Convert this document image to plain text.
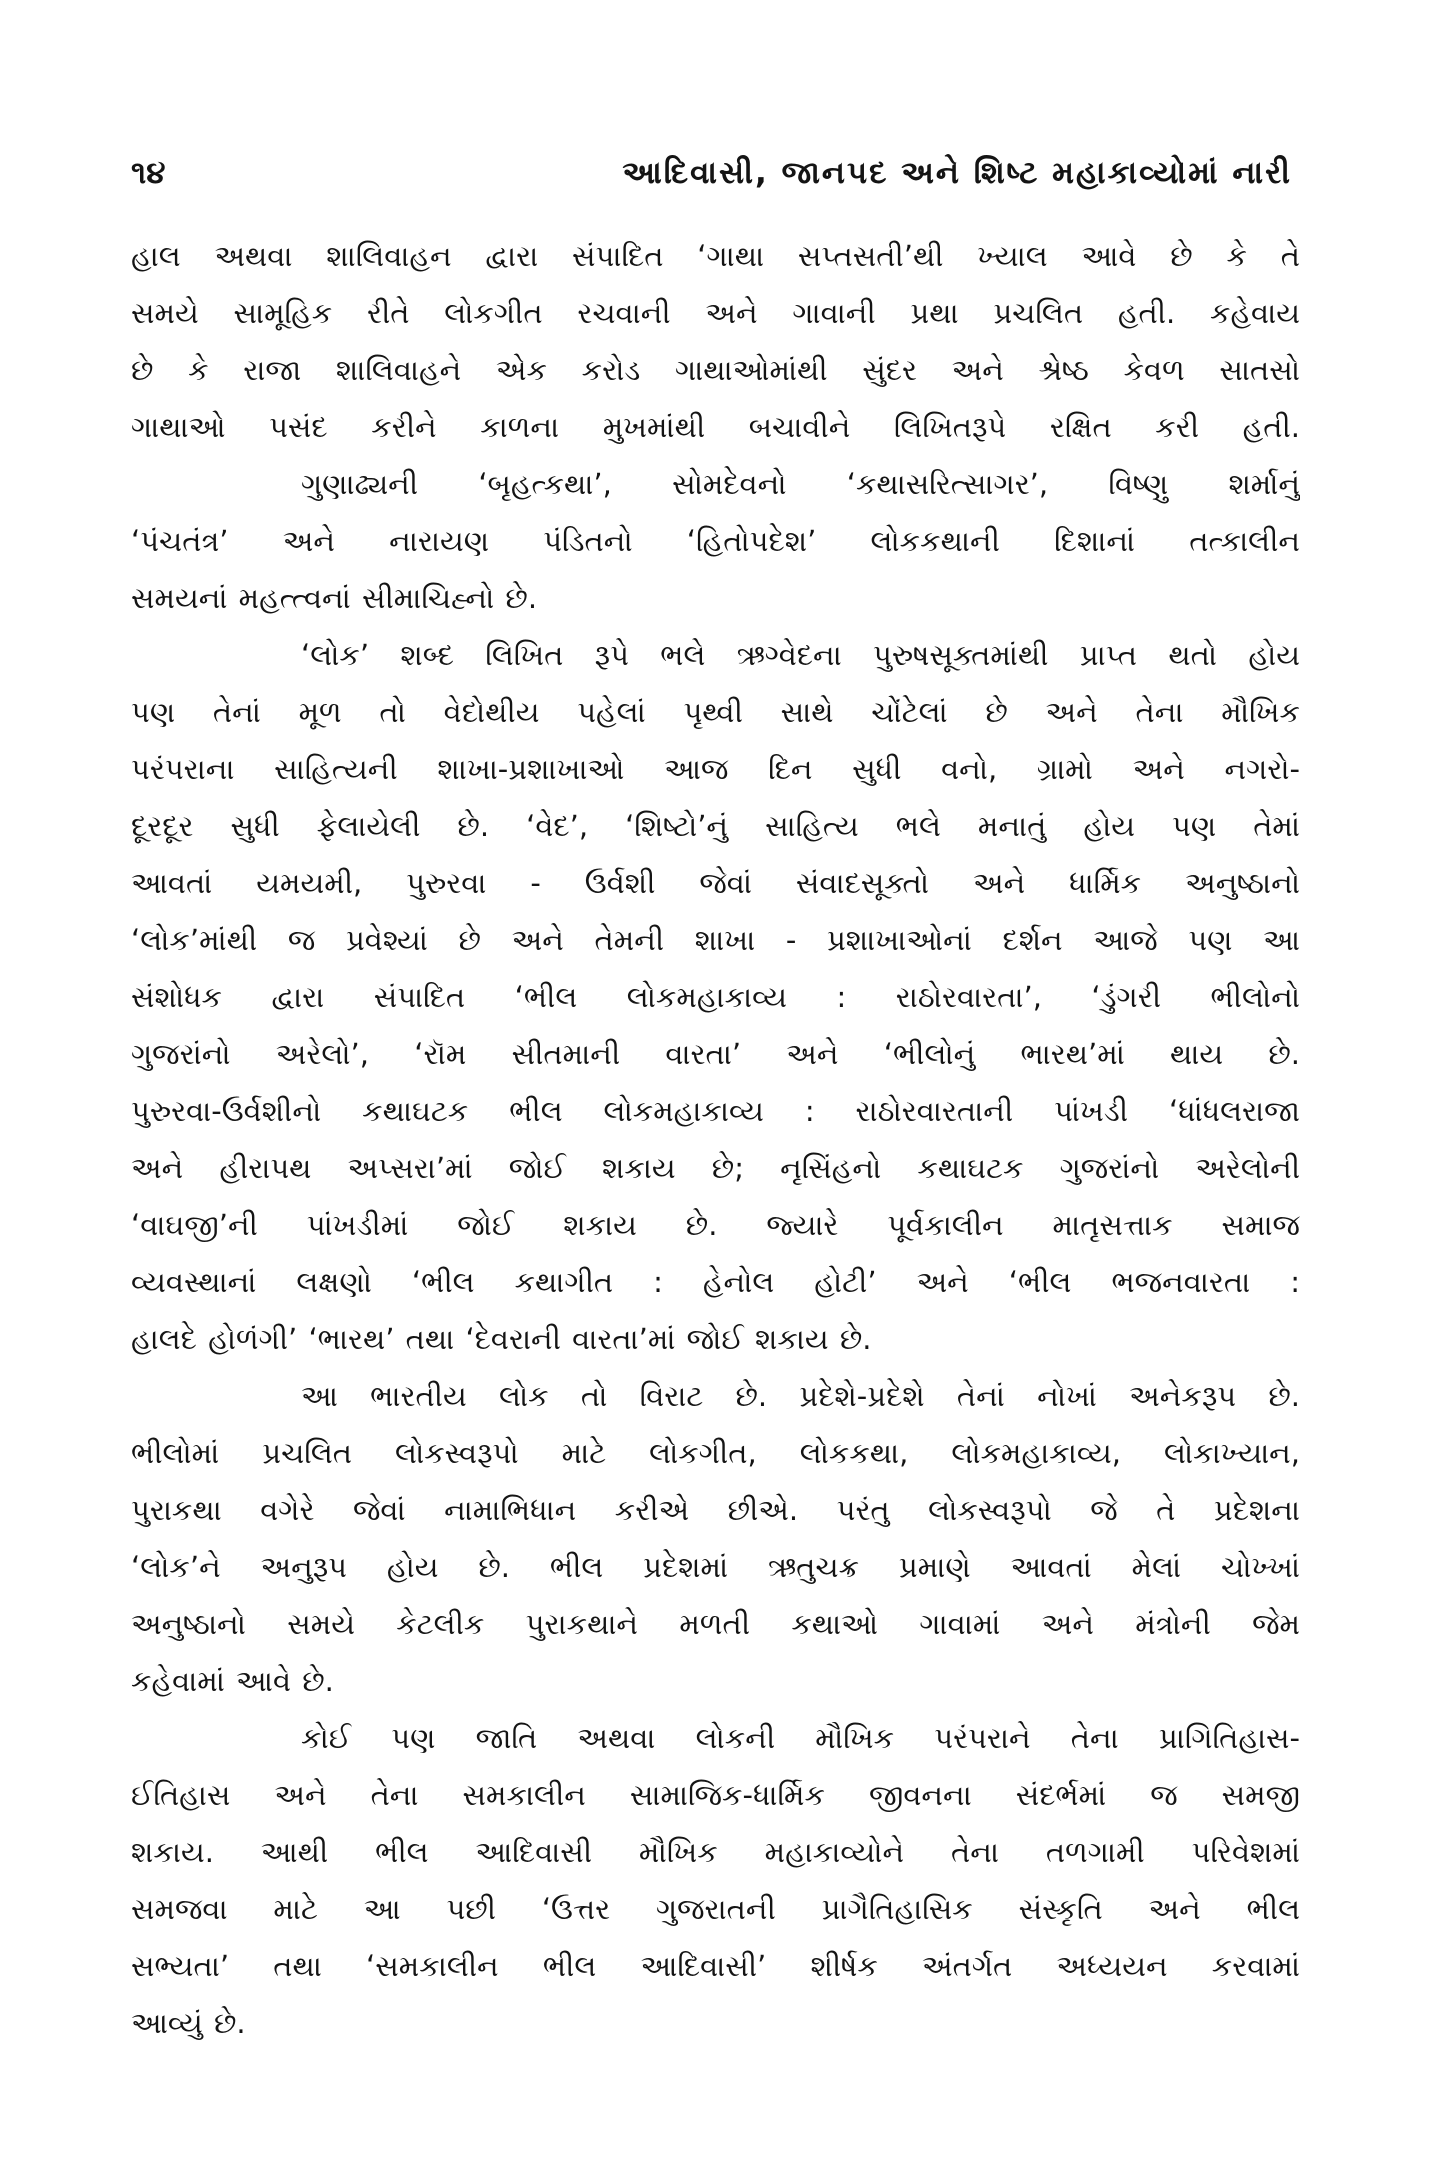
૧૪	આદિવાસી, જાનપદ અને શિષ્ટ મહાકાવ્યોમાં નારી
હાલ અથવા શાલિવાહન દ્વારા સંપાદિત ‘ગાથા સપ્તસતી’થી ખ્યાલ આવે છે કે તે
સમયે સામૂહિક રીતે લોકગીત રચવાની અને ગાવાની પ્રથા પ્રચલિત હતી. કહેવાય
છે કે રાજા શાલિવાહને એક કરોડ ગાથાઓમાંથી સુંદર અને શ્રેષ્ઠ કેવળ સાતસો
ગાથાઓ પસંદ કરીને કાળના મુખમાંથી બચાવીને લિખિતરૂપે રક્ષિત કરી હતી.
ગુણાઢ્યની ‘બૃહત્કથા’, સોમદેવનો ‘કથાસરિત્સાગર’, વિષ્ણુ શર્માનું
‘પંચતંત્ર’ અને નારાયણ પંડિતનો ‘હિતોપદેશ’ લોકકથાની દિશાનાં તત્કાલીન
સમયનાં મહત્ત્વનાં સીમાચિહ્નો છે.
‘લોક’ શબ્દ લિખિત રૂપે ભલે ઋગ્વેદના પુરુષસૂક્તમાંથી પ્રાપ્ત થતો હોય
પણ તેનાં મૂળ તો વેદોથીય પહેલાં પૃથ્વી સાથે ચોંટેલાં છે અને તેના મૌખિક
પરંપરાના સાહિત્યની શાખા-પ્રશાખાઓ આજ દિન સુધી વનો, ગ્રામો અને નગરો-
દૂરદૂર સુધી ફેલાયેલી છે. ‘વેદ’, ‘શિષ્ટો’નું સાહિત્ય ભલે મનાતું હોય પણ તેમાં
આવતાં યમયમી, પુરુરવા - ઉર્વશી જેવાં સંવાદસૂક્તો અને ધાર્મિક અનુષ્ઠાનો
‘લોક’માંથી જ પ્રવેશ્યાં છે અને તેમની શાખા - પ્રશાખાઓનાં દર્શન આજે પણ આ
સંશોધક દ્વારા સંપાદિત ‘ભીલ લોકમહાકાવ્ય : રાઠોરવારતા’, ‘ડુંગરી ભીલોનો
ગુજરાંનો અરેલો’, ‘રૉમ સીતમાની વારતા’ અને ‘ભીલોનું ભારથ’માં થાય છે.
પુરુરવા-ઉર્વશીનો કથાઘટક ભીલ લોકમહાકાવ્ય : રાઠોરવારતાની પાંખડી ‘ધાંધલરાજા
અને હીરાપથ અપ્સરા’માં જોઈ શકાય છે; નૃસિંહનો કથાઘટક ગુજરાંનો અરેલોની
‘વાઘજી’ની પાંખડીમાં જોઈ શકાય છે. જ્યારે પૂર્વકાલીન માતૃસત્તાક સમાજ
વ્યવસ્થાનાં લક્ષણો ‘ભીલ કથાગીત : હેનોલ હોટી’ અને ‘ભીલ ભજનવારતા :
હાલદે હોળંગી’ ‘ભારથ’ તથા ‘દેવરાની વારતા’માં જોઈ શકાય છે.
આ ભારતીય લોક તો વિરાટ છે. પ્રદેશે-પ્રદેશે તેનાં નોખાં અનેકરૂપ છે.
ભીલોમાં પ્રચલિત લોકસ્વરૂપો માટે લોકગીત, લોકકથા, લોકમહાકાવ્ય, લોકાખ્યાન,
પુરાકથા વગેરે જેવાં નામાભિધાન કરીએ છીએ. પરંતુ લોકસ્વરૂપો જે તે પ્રદેશના
‘લોક’ને અનુરૂપ હોય છે. ભીલ પ્રદેશમાં ઋતુચક્ર પ્રમાણે આવતાં મેલાં ચોખ્ખાં
અનુષ્ઠાનો સમયે કેટલીક પુરાકથાને મળતી કથાઓ ગાવામાં અને મંત્રોની જેમ
કહેવામાં આવે છે.
કોઈ પણ જાતિ અથવા લોકની મૌખિક પરંપરાને તેના પ્રાગિતિહાસ-
ઈતિહાસ અને તેના સમકાલીન સામાજિક-ધાર્મિક જીવનના સંદર્ભમાં જ સમજી
શકાય. આથી ભીલ આદિવાસી મૌખિક મહાકાવ્યોને તેના તળગામી પરિવેશમાં
સમજવા માટે આ પછી ‘ઉત્તર ગુજરાતની પ્રાગૈતિહાસિક સંસ્કૃતિ અને ભીલ
સભ્યતા’ તથા ‘સમકાલીન ભીલ આદિવાસી’ શીર્ષક અંતર્ગત અધ્યયન કરવામાં
આવ્યું છે.
